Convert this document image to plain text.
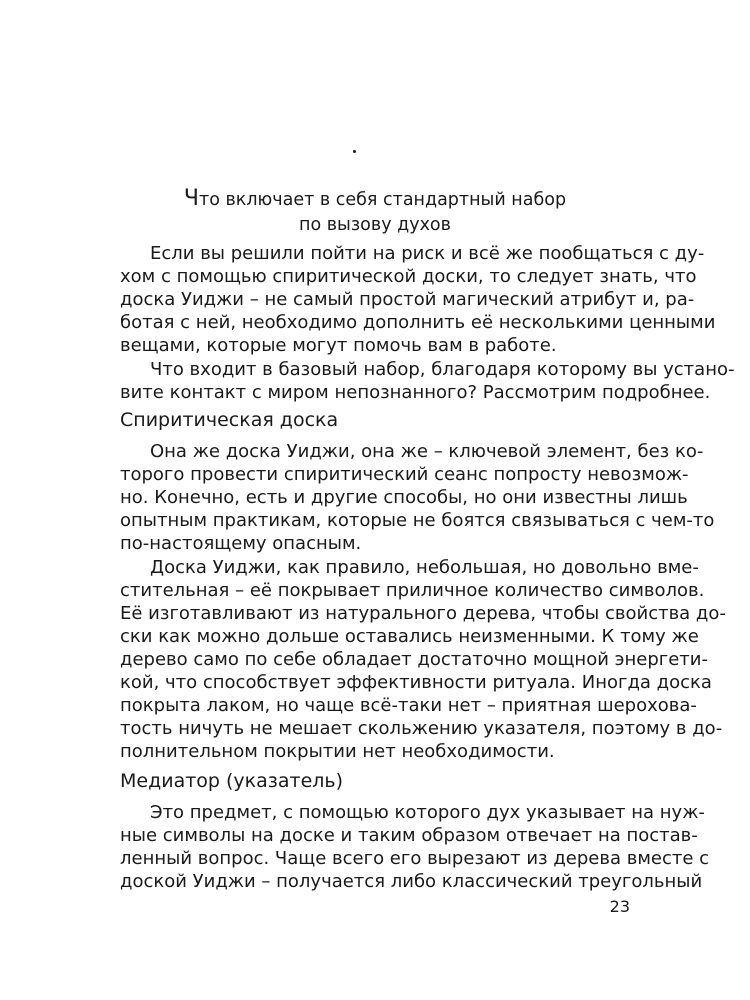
Что включает в себя стандартный набор
по вызову духов
Если вы решили пойти на риск и всё же пообщаться с ду-
хом с помощью спиритической доски, то следует знать, что
доска Уиджи – не самый простой магический атрибут и, ра-
ботая с ней, необходимо дополнить её несколькими ценными
вещами, которые могут помочь вам в работе.
Что входит в базовый набор, благодаря которому вы устано-
вите контакт с миром непознанного? Рассмотрим подробнее.
Спиритическая доска
Она же доска Уиджи, она же – ключевой элемент, без ко-
торого провести спиритический сеанс попросту невозмож-
но. Конечно, есть и другие способы, но они известны лишь
опытным практикам, которые не боятся связываться с чем-то
по-настоящему опасным.
Доска Уиджи, как правило, небольшая, но довольно вме-
стительная – её покрывает приличное количество символов.
Её изготавливают из натурального дерева, чтобы свойства до-
ски как можно дольше оставались неизменными. К тому же
дерево само по себе обладает достаточно мощной энергети-
кой, что способствует эффективности ритуала. Иногда доска
покрыта лаком, но чаще всё-таки нет – приятная шероховa-
тость ничуть не мешает скольжению указателя, поэтому в до-
полнительном покрытии нет необходимости.
Медиатор (указатель)
Это предмет, с помощью которого дух указывает на нуж-
ные символы на доске и таким образом отвечает на постав-
ленный вопрос. Чаще всего его вырезают из дерева вместе с
доской Уиджи – получается либо классический треугольный
23
